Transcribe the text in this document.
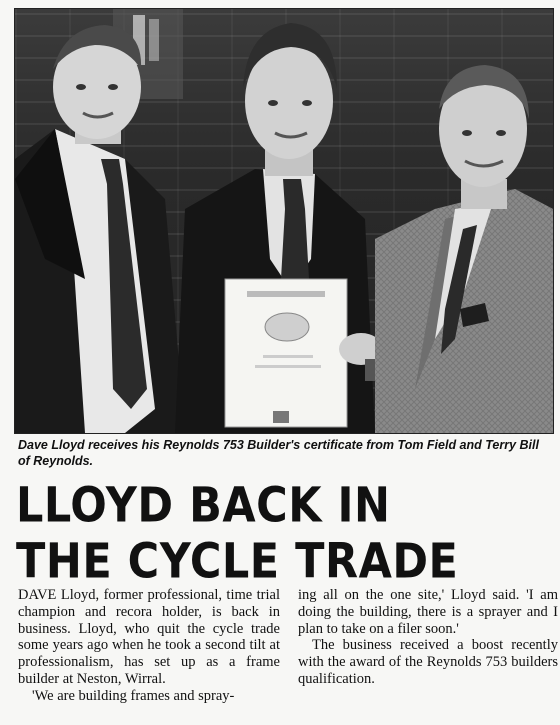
Dave Lloyd receives his Reynolds 753 Builder's certificate from Tom Field and Terry Bill of Reynolds.
LLOYD BACK IN
THE CYCLE TRADE

DAVE Lloyd, former professional, time trial champion and recora holder, is back in business. Lloyd, who quit the cycle trade some years ago when he took a second tilt at professionalism, has set up as a frame builder at Neston, Wirral.

'We are building frames and spray-

ing all on the one site,' Lloyd said. 'I am doing the building, there is a sprayer and I plan to take on a filer soon.'

The business received a boost recently with the award of the Reynolds 753 builders qualification.
